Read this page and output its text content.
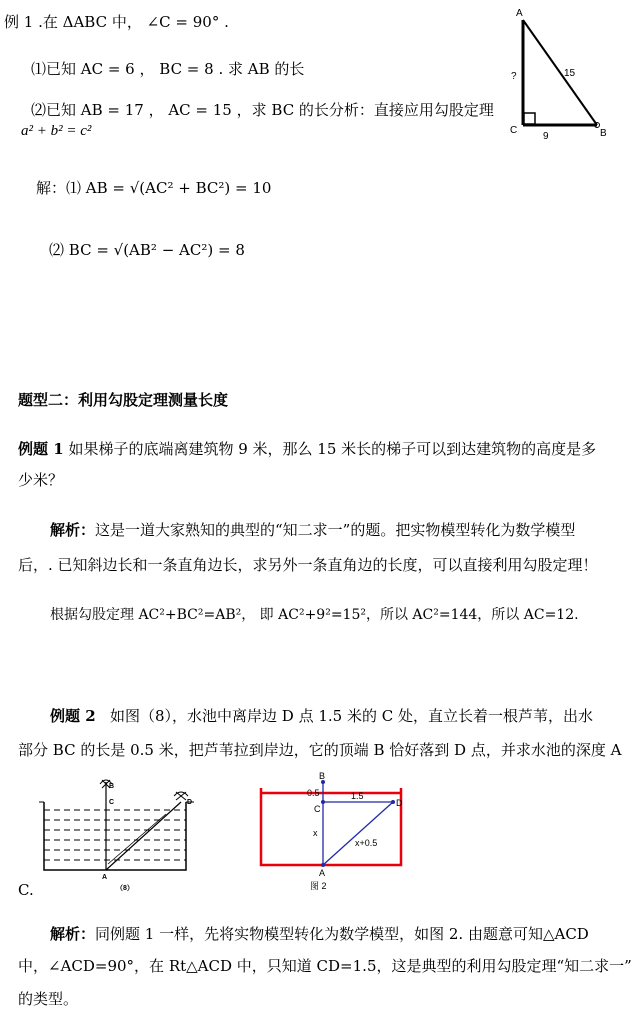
例 1 .在 ΔABC 中， ∠C = 90° .
⑴已知 AC = 6 ， BC = 8 . 求 AB 的长
⑵已知 AB = 17 ， AC = 15 ，求 BC 的长分析：直接应用勾股定理
a² + b² = c²
解：⑴ AB = √(AC² + BC²) = 10
⑵ BC = √(AB² − AC²) = 8
A
B
C
15
?
9
题型二：利用勾股定理测量长度
例题 1 如果梯子的底端离建筑物 9 米，那么 15 米长的梯子可以到达建筑物的高度是多
少米？
解析：这是一道大家熟知的典型的“知二求一”的题。把实物模型转化为数学模型
后，. 已知斜边长和一条直角边长，求另外一条直角边的长度，可以直接利用勾股定理！
根据勾股定理 AC²+BC²=AB²， 即 AC²+9²=15²，所以 AC²=144，所以 AC=12.
例题 2 如图（8），水池中离岸边 D 点 1.5 米的 C 处，直立长着一根芦苇，出水
部分 BC 的长是 0.5 米，把芦苇拉到岸边，它的顶端 B 恰好落到 D 点，并求水池的深度 A
B
C	D
A
（8）
B
0.5
C
1.5
D
x
x+0.5
A
图 2
C.
解析：同例题 1 一样，先将实物模型转化为数学模型，如图 2. 由题意可知△ACD
中，∠ACD=90°，在 Rt△ACD 中，只知道 CD=1.5，这是典型的利用勾股定理“知二求一”
的类型。
